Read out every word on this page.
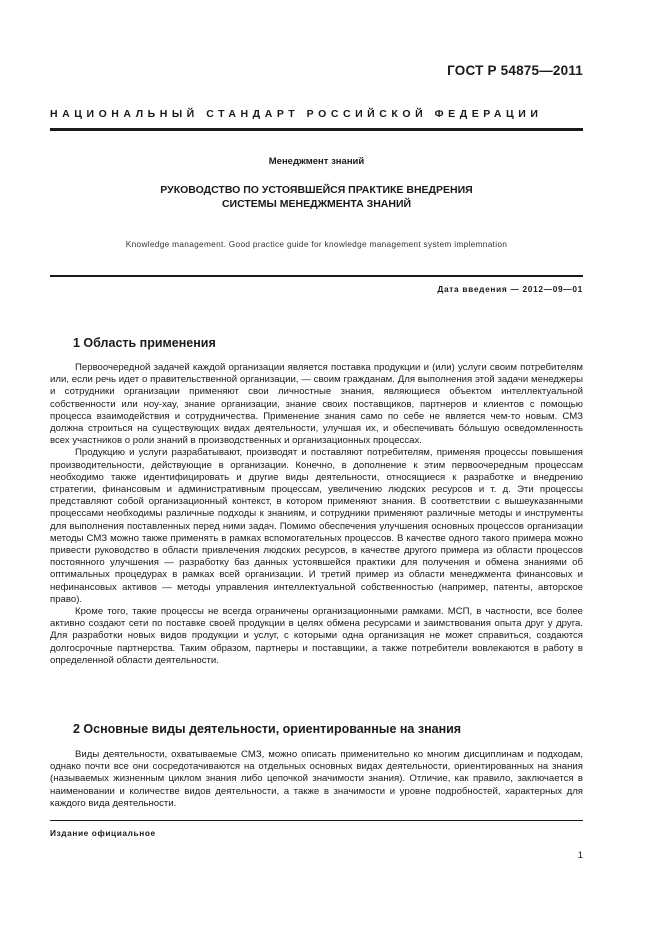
ГОСТ Р 54875—2011
НАЦИОНАЛЬНЫЙ СТАНДАРТ РОССИЙСКОЙ ФЕДЕРАЦИИ
Менеджмент знаний
РУКОВОДСТВО ПО УСТОЯВШЕЙСЯ ПРАКТИКЕ ВНЕДРЕНИЯ
СИСТЕМЫ МЕНЕДЖМЕНТА ЗНАНИЙ
Knowledge management. Good practice guide for knowledge management system implemnation
Дата введения — 2012—09—01
1 Область применения

Первоочередной задачей каждой организации является поставка продукции и (или) услуги своим потребителям или, если речь идет о правительственной организации, — своим гражданам. Для выполнения этой задачи менеджеры и сотрудники организации применяют свои личностные знания, являющиеся объектом интеллектуальной собственности или ноу-хау, знание организации, знание своих поставщиков, партнеров и клиентов с помощью процесса взаимодействия и сотрудничества. Применение знания само по себе не является чем-то новым. СМЗ должна строиться на существующих видах деятельности, улучшая их, и обеспечивать бо́льшую осведомленность всех участников о роли знаний в производственных и организационных процессах.

Продукцию и услуги разрабатывают, производят и поставляют потребителям, применяя процессы повышения производительности, действующие в организации. Конечно, в дополнение к этим первоочередным процессам необходимо также идентифицировать и другие виды деятельности, относящиеся к разработке и внедрению стратегии, финансовым и административным процессам, увеличению людских ресурсов и т. д. Эти процессы представляют собой организационный контекст, в котором применяют знания. В соответствии с вышеуказанными процессами необходимы различные подходы к знаниям, и сотрудники применяют различные методы и инструменты для выполнения поставленных перед ними задач. Помимо обеспечения улучшения основных процессов организации методы СМЗ можно также применять в рамках вспомогательных процессов. В качестве одного такого примера можно привести руководство в области привлечения людских ресурсов, в качестве другого примера из области процессов постоянного улучшения — разработку баз данных устоявшейся практики для получения и обмена знаниями об оптимальных процедурах в рамках всей организации. И третий пример из области менеджмента финансовых и нефинансовых активов — методы управления интеллектуальной собственностью (например, патенты, авторское право).

Кроме того, такие процессы не всегда ограничены организационными рамками. МСП, в частности, все более активно создают сети по поставке своей продукции в целях обмена ресурсами и заимствования опыта друг у друга. Для разработки новых видов продукции и услуг, с которыми одна организация не может справиться, создаются долгосрочные партнерства. Таким образом, партнеры и поставщики, а также потребители вовлекаются в работу в определенной области деятельности.

2 Основные виды деятельности, ориентированные на знания

Виды деятельности, охватываемые СМЗ, можно описать применительно ко многим дисциплинам и подходам, однако почти все они сосредотачиваются на отдельных основных видах деятельности, ориентированных на знания (называемых жизненным циклом знания либо цепочкой значимости знания). Отличие, как правило, заключается в наименовании и количестве видов деятельности, а также в значимости и уровне подробностей, характерных для каждого вида деятельности.

Издание официальное
1
